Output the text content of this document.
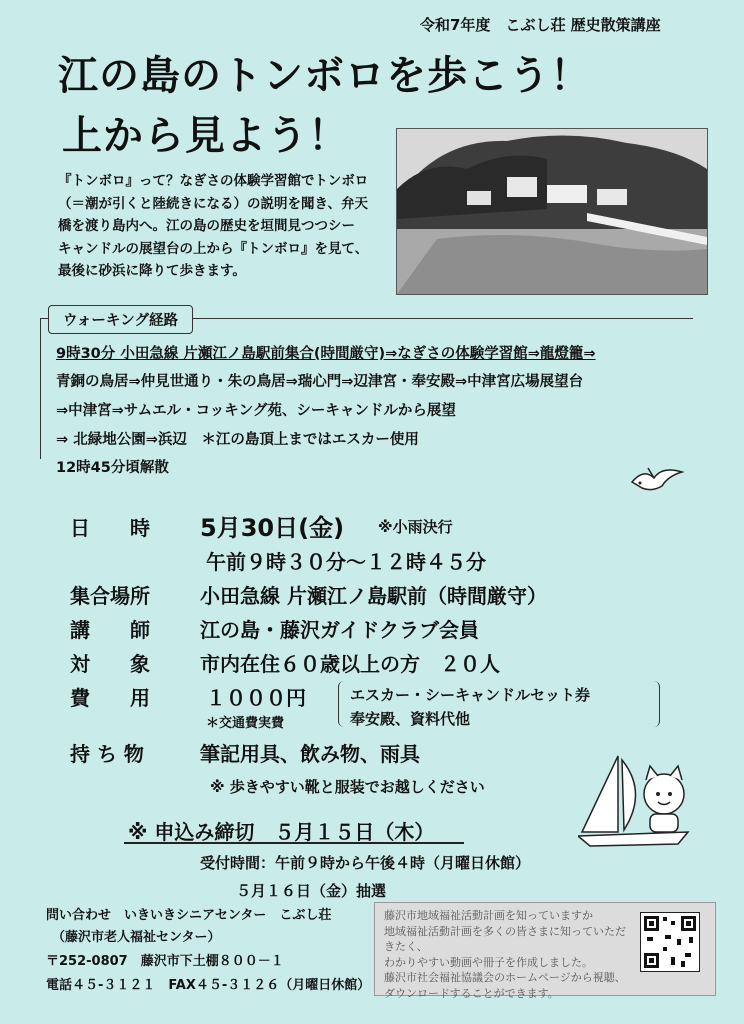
令和7年度　こぶし荘 歴史散策講座
江の島のトンボロを歩こう！
上から見よう！
『トンボロ』って？なぎさの体験学習館でトンボロ
（＝潮が引くと陸続きになる）の説明を聞き、弁天
橋を渡り島内へ。江の島の歴史を垣間見つつシー
キャンドルの展望台の上から『トンボロ』を見て、
最後に砂浜に降りて歩きます。
ウォーキング経路
9時30分 小田急線 片瀬江ノ島駅前集合(時間厳守)⇒なぎさの体験学習館⇒龍燈籠⇒
青銅の鳥居⇒仲見世通り・朱の鳥居⇒瑞心門⇒辺津宮・奉安殿⇒中津宮広場展望台
⇒中津宮⇒サムエル・コッキング苑、シーキャンドルから展望
⇒ 北緑地公園⇒浜辺　＊江の島頂上まではエスカー使用
12時45分頃解散
日　　時 5月30日(金) ※小雨決行
午前９時３０分～１２時４５分
集合場所	小田急線 片瀬江ノ島駅前（時間厳守）
講　　師	江の島・藤沢ガイドクラブ会員
対　　象	市内在住６０歳以上の方　２０人
費　　用	１０００円
＊交通費実費
エスカー・シーキャンドルセット券
奉安殿、資料代他
持 ち 物	筆記用具、飲み物、雨具
※ 歩きやすい靴と服装でお越しください
※ 申込み締切　５月１５日（木）
受付時間：午前９時から午後４時（月曜日休館）
５月１６日（金）抽選
問い合わせ　いきいきシニアセンター　こぶし荘
（藤沢市老人福祉センター）
〒252-0807　藤沢市下土棚８００－１
電話４５-３１２１　FAX４５-３１２６（月曜日休館）
藤沢市地域福祉活動計画を知っていますか
地域福祉活動計画を多くの皆さまに知っていただきたく、
わかりやすい動画や冊子を作成しました。
藤沢市社会福祉協議会のホームページから視聴、
ダウンロードすることができます。
